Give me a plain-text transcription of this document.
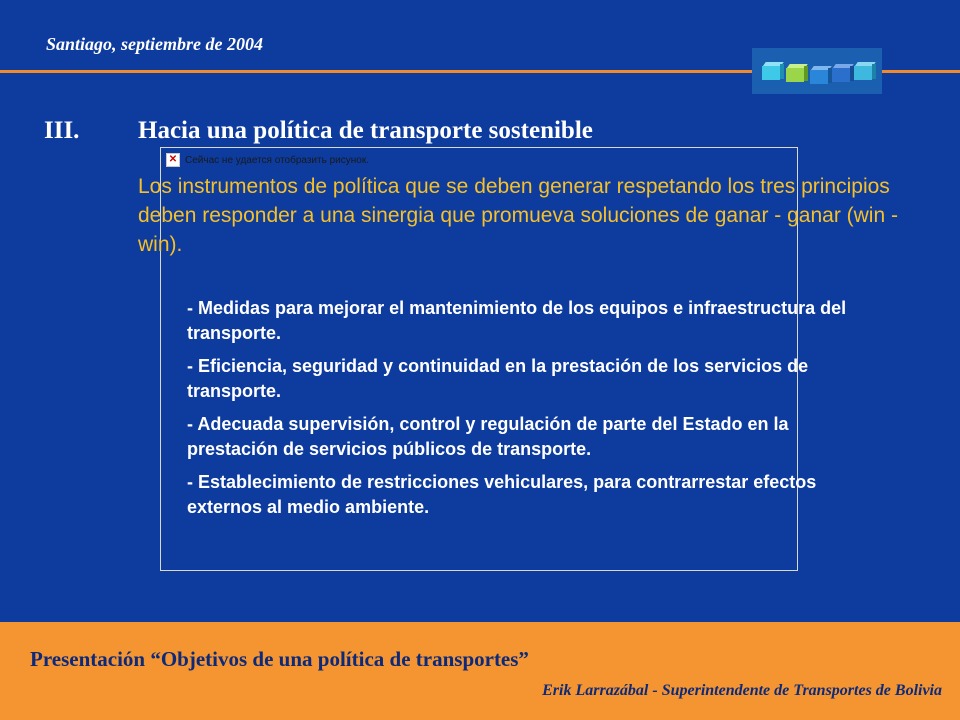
Santiago, septiembre de 2004

III. Hacia una política de transporte sostenible

✕ Сейчас не удается отобразить рисунок.

Los instrumentos de política que se deben generar respetando los tres principios deben responder a una sinergia que promueva soluciones de ganar - ganar (win -win).

- Medidas para mejorar el mantenimiento de los equipos e infraestructura del transporte.
- Eficiencia, seguridad y continuidad en la prestación de los servicios de transporte.
- Adecuada supervisión, control y regulación de parte del Estado en la prestación de servicios públicos de transporte.
- Establecimiento de restricciones vehiculares, para contrarrestar efectos externos al medio ambiente.

Presentación “Objetivos de una política de transportes”

Erik Larrazábal - Superintendente de Transportes de Bolivia
